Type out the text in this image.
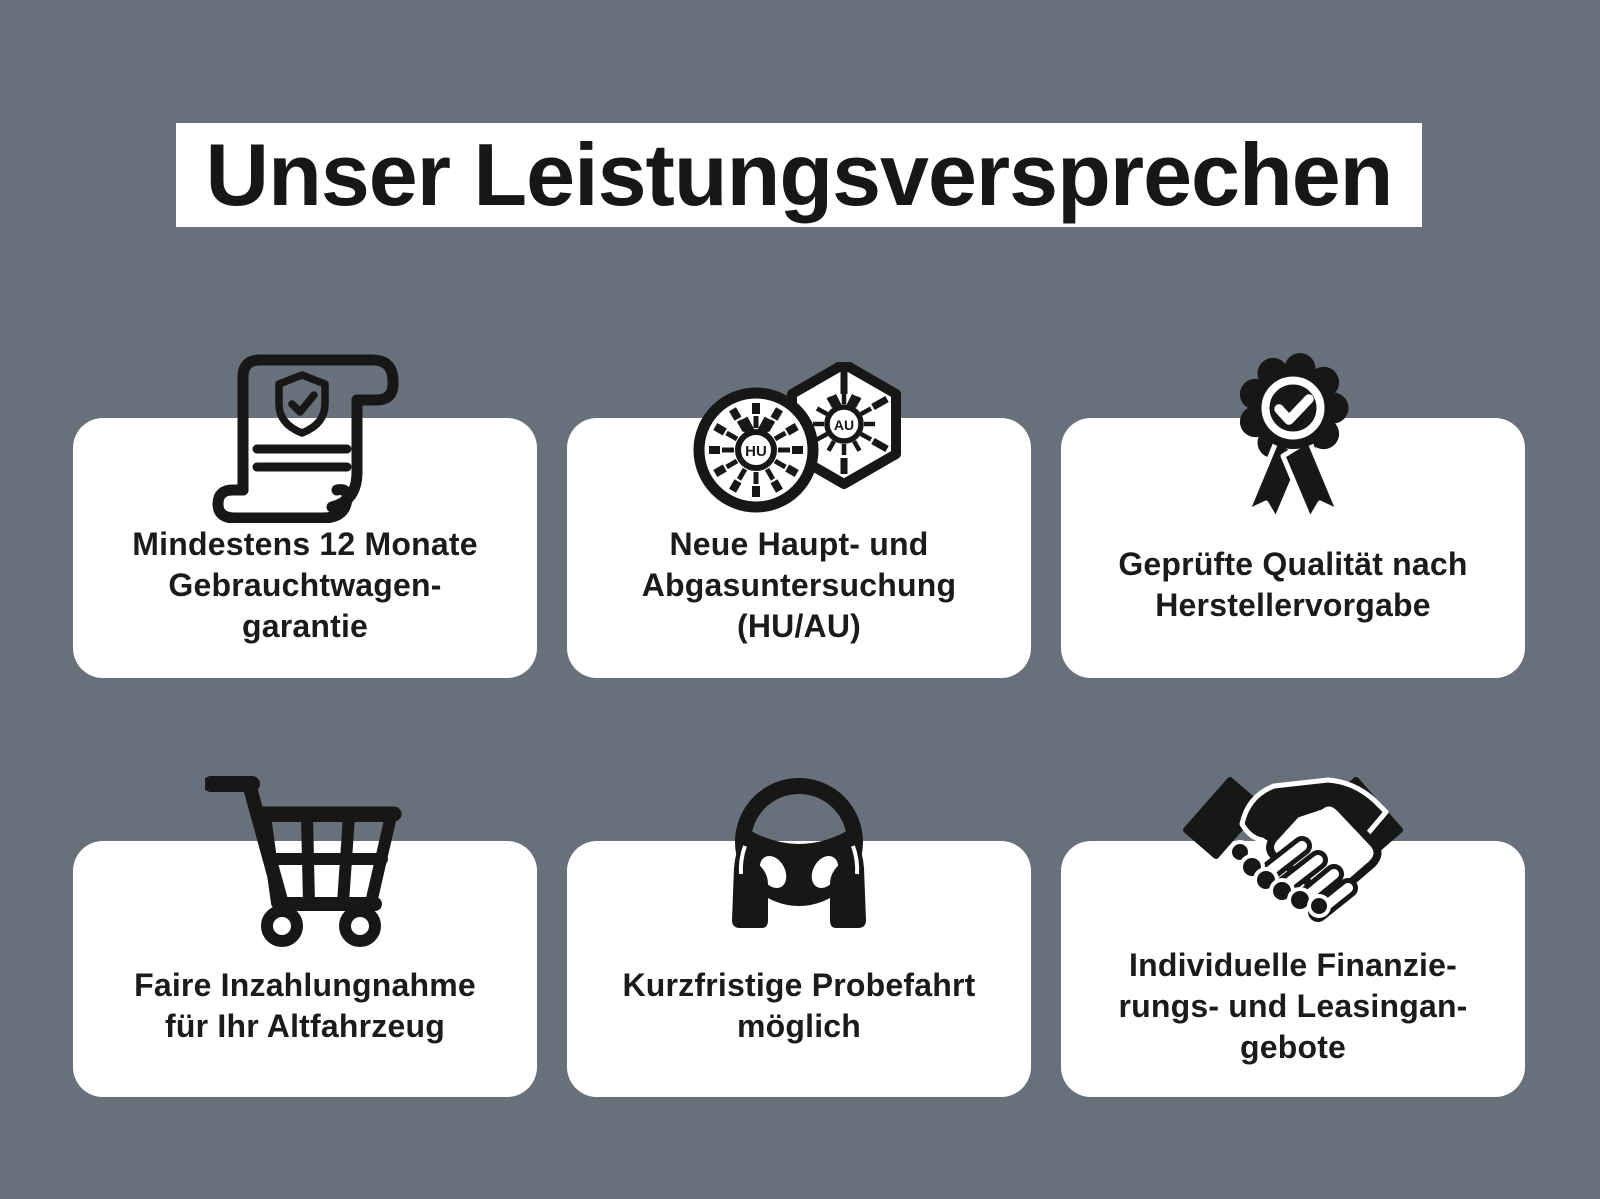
Unser Leistungsversprechen
Mindestens 12 Monate
Gebrauchtwagen-
garantie
AU
HU
Neue Haupt- und
Abgasuntersuchung
(HU/AU)
Geprüfte Qualität nach
Herstellervorgabe
Faire Inzahlungnahme
für Ihr Altfahrzeug
Kurzfristige Probefahrt
möglich
Individuelle Finanzie-
rungs- und Leasingan-
gebote
